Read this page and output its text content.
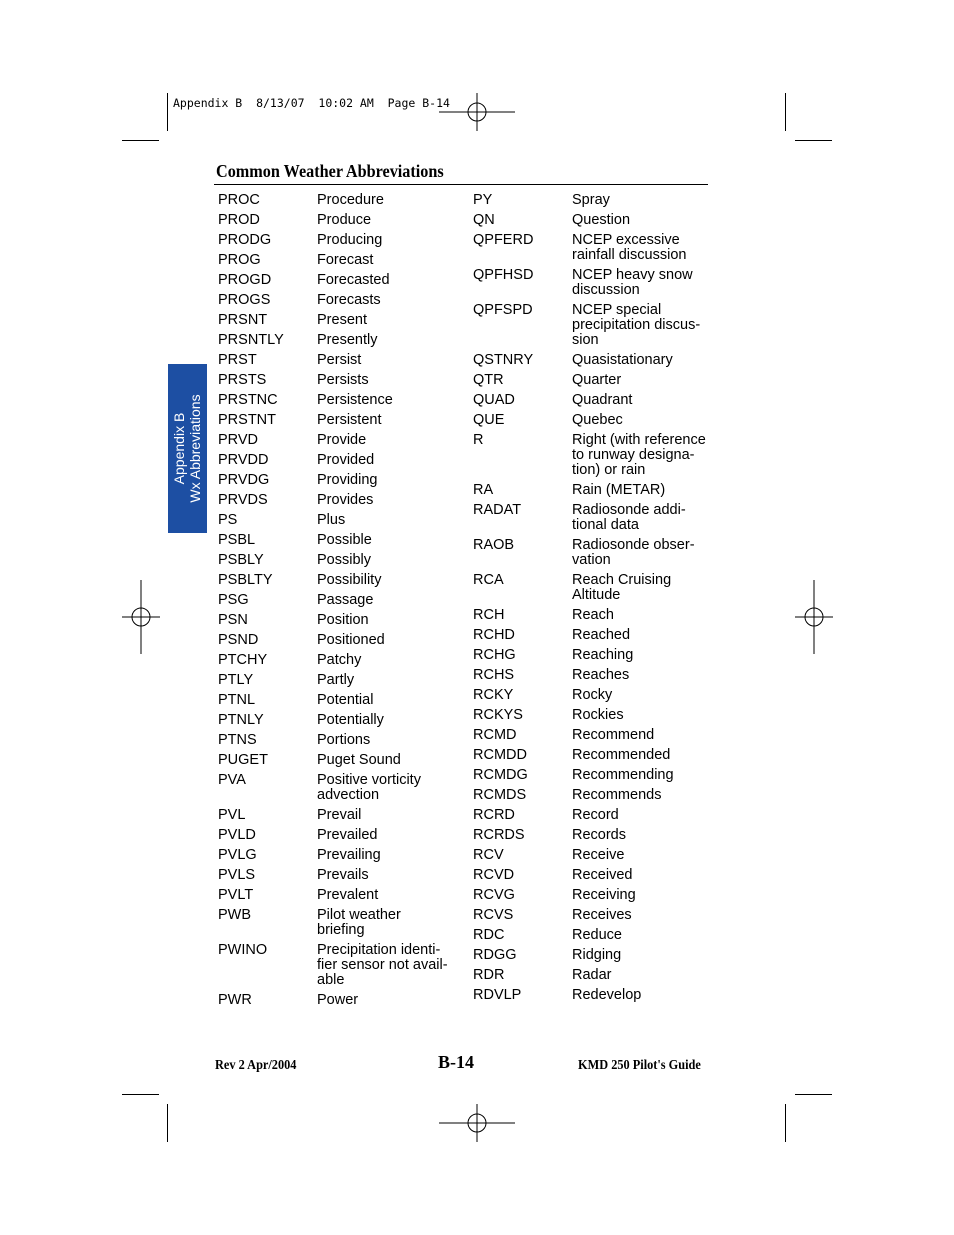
Appendix B  8/13/07  10:02 AM  Page B-14
Common Weather Abbreviations
Appendix B Wx Abbreviations
PROC	Procedure
PROD	Produce
PRODG	Producing
PROG	Forecast
PROGD	Forecasted
PROGS	Forecasts
PRSNT	Present
PRSNTLY	Presently
PRST	Persist
PRSTS	Persists
PRSTNC	Persistence
PRSTNT	Persistent
PRVD	Provide
PRVDD	Provided
PRVDG	Providing
PRVDS	Provides
PS	Plus
PSBL	Possible
PSBLY	Possibly
PSBLTY	Possibility
PSG	Passage
PSN	Position
PSND	Positioned
PTCHY	Patchy
PTLY	Partly
PTNL	Potential
PTNLY	Potentially
PTNS	Portions
PUGET	Puget Sound
PVA	Positive vorticity
advection
PVL	Prevail
PVLD	Prevailed
PVLG	Prevailing
PVLS	Prevails
PVLT	Prevalent
PWB	Pilot weather
briefing
PWINO	Precipitation identi-
fier sensor not avail-
able
PWR	Power
PY	Spray
QN	Question
QPFERD	NCEP excessive
rainfall discussion
QPFHSD	NCEP heavy snow
discussion
QPFSPD	NCEP special
precipitation discus-
sion
QSTNRY	Quasistationary
QTR	Quarter
QUAD	Quadrant
QUE	Quebec
R	Right (with reference
to runway designa-
tion) or rain
RA	Rain (METAR)
RADAT	Radiosonde addi-
tional data
RAOB	Radiosonde obser-
vation
RCA	Reach Cruising
Altitude
RCH	Reach
RCHD	Reached
RCHG	Reaching
RCHS	Reaches
RCKY	Rocky
RCKYS	Rockies
RCMD	Recommend
RCMDD	Recommended
RCMDG	Recommending
RCMDS	Recommends
RCRD	Record
RCRDS	Records
RCV	Receive
RCVD	Received
RCVG	Receiving
RCVS	Receives
RDC	Reduce
RDGG	Ridging
RDR	Radar
RDVLP	Redevelop
Rev 2 Apr/2004	B-14	KMD 250 Pilot's Guide
